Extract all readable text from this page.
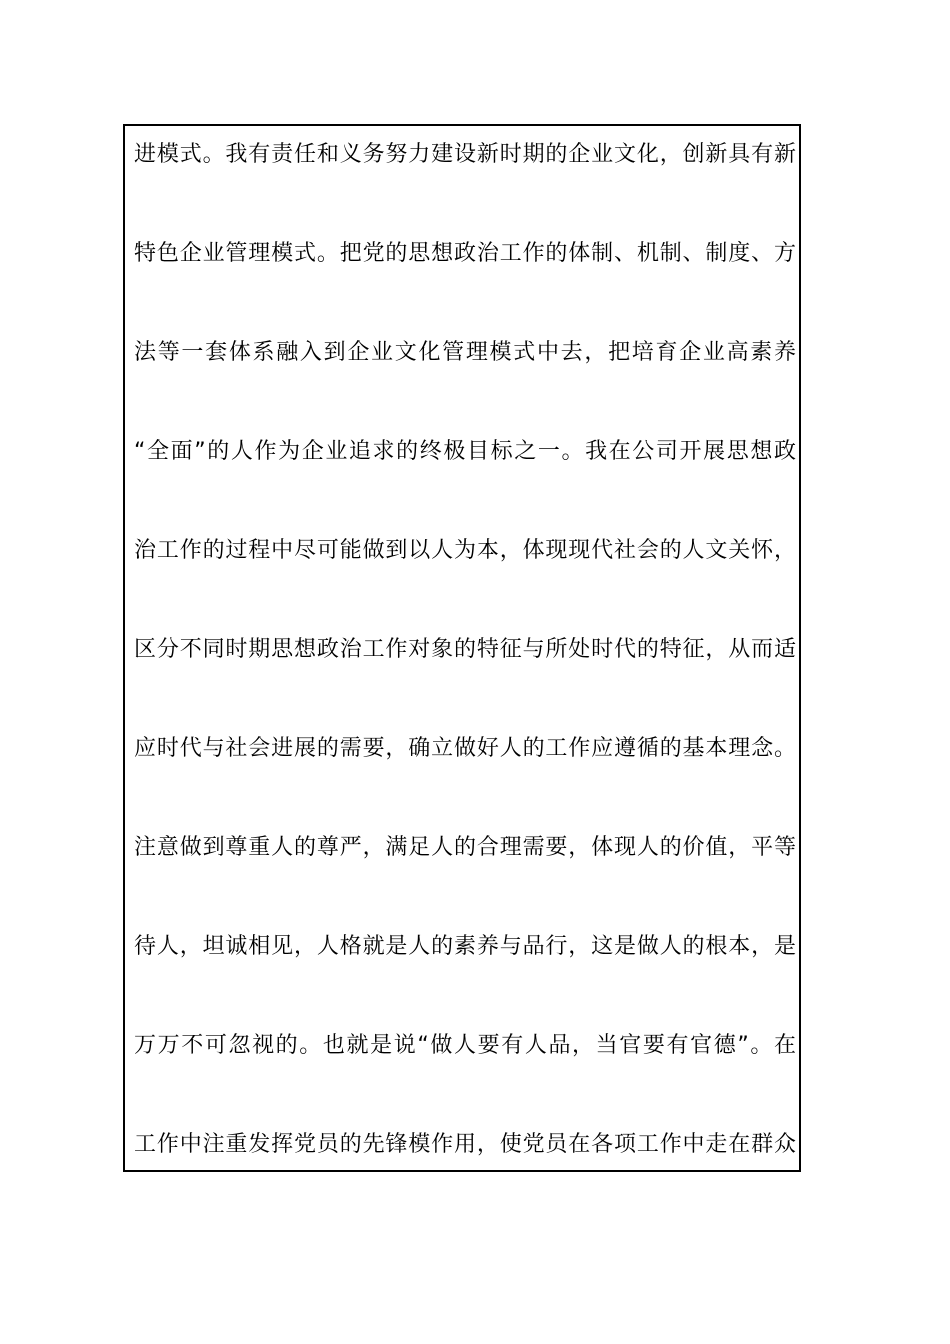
进模式。我有责任和义务努力建设新时期的企业文化，创新具有新
特色企业管理模式。把党的思想政治工作的体制、机制、制度、方
法等一套体系融入到企业文化管理模式中去，把培育企业高素养
“全面”的人作为企业追求的终极目标之一。我在公司开展思想政
治工作的过程中尽可能做到以人为本，体现现代社会的人文关怀，
区分不同时期思想政治工作对象的特征与所处时代的特征，从而适
应时代与社会进展的需要，确立做好人的工作应遵循的基本理念。
注意做到尊重人的尊严，满足人的合理需要，体现人的价值，平等
待人，坦诚相见，人格就是人的素养与品行，这是做人的根本，是
万万不可忽视的。也就是说“做人要有人品，当官要有官德”。在
工作中注重发挥党员的先锋模作用，使党员在各项工作中走在群众
